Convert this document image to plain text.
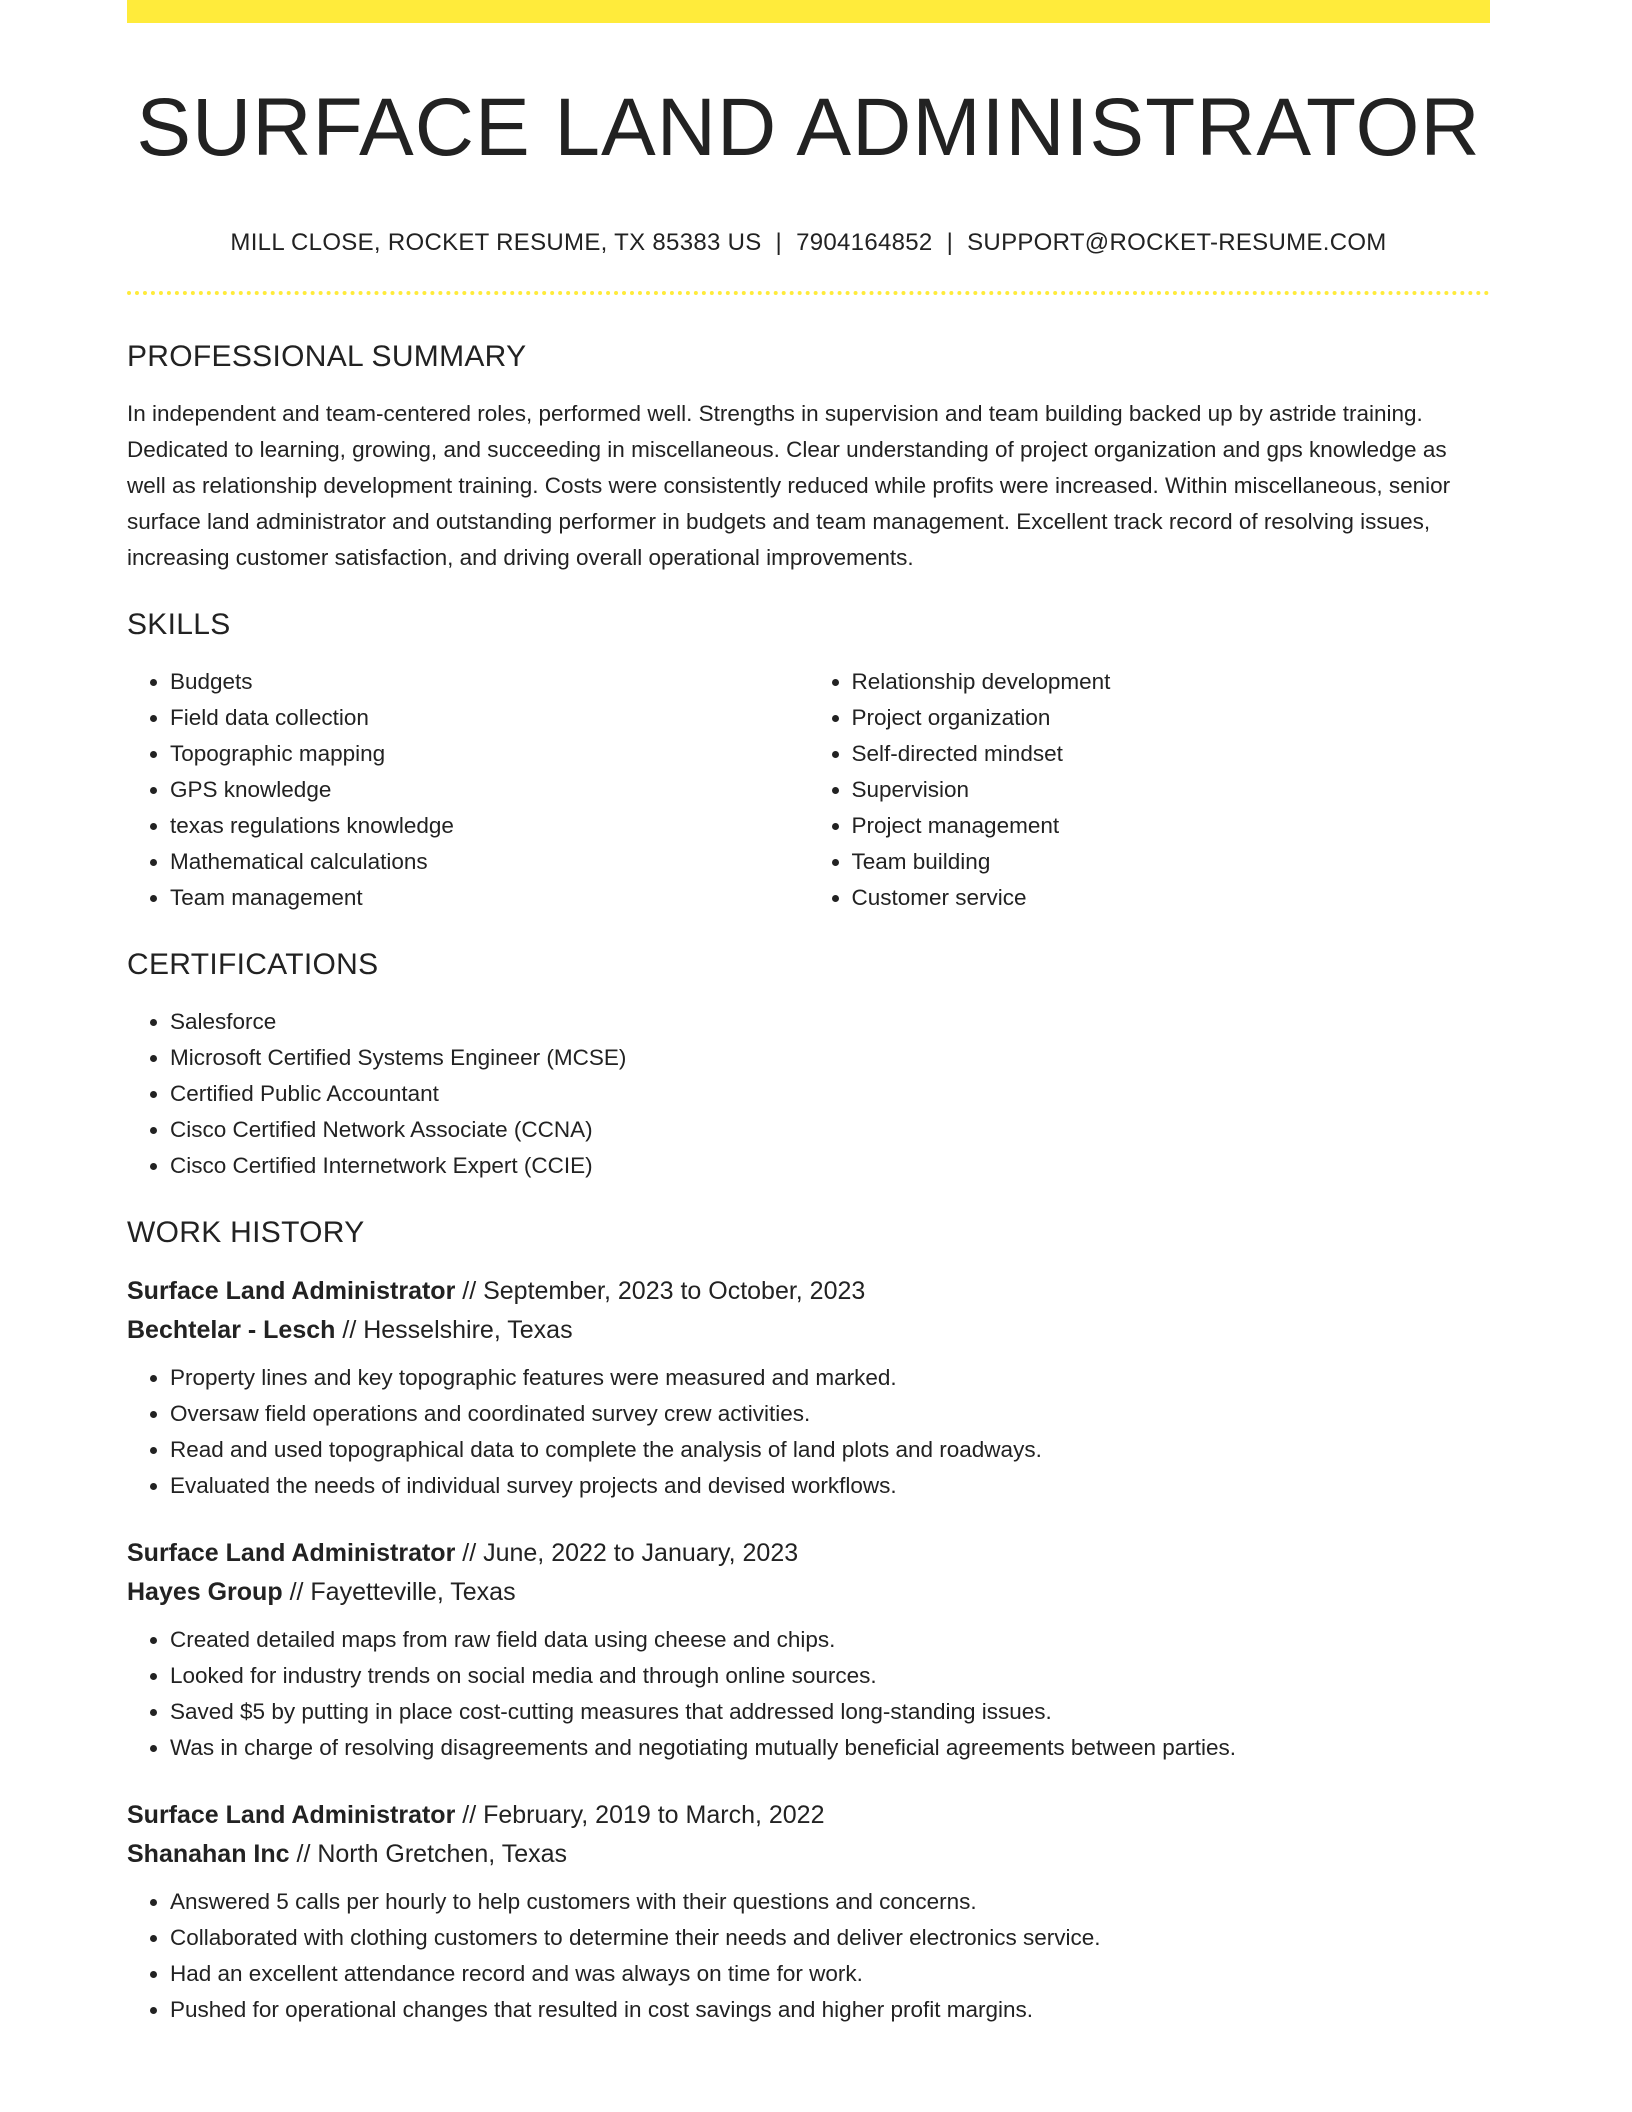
SURFACE LAND ADMINISTRATOR
MILL CLOSE, ROCKET RESUME, TX 85383 US | 7904164852 | SUPPORT@ROCKET-RESUME.COM
PROFESSIONAL SUMMARY

In independent and team-centered roles, performed well. Strengths in supervision and team building backed up by astride training. Dedicated to learning, growing, and succeeding in miscellaneous. Clear understanding of project organization and gps knowledge as well as relationship development training. Costs were consistently reduced while profits were increased. Within miscellaneous, senior surface land administrator and outstanding performer in budgets and team management. Excellent track record of resolving issues, increasing customer satisfaction, and driving overall operational improvements.

SKILLS
• Budgets
• Field data collection
• Topographic mapping
• GPS knowledge
• texas regulations knowledge
• Mathematical calculations
• Team management
• Relationship development
• Project organization
• Self-directed mindset
• Supervision
• Project management
• Team building
• Customer service
CERTIFICATIONS
• Salesforce
• Microsoft Certified Systems Engineer (MCSE)
• Certified Public Accountant
• Cisco Certified Network Associate (CCNA)
• Cisco Certified Internetwork Expert (CCIE)
WORK HISTORY
Surface Land Administrator // September, 2023 to October, 2023
Bechtelar - Lesch // Hesselshire, Texas
• Property lines and key topographic features were measured and marked.
• Oversaw field operations and coordinated survey crew activities.
• Read and used topographical data to complete the analysis of land plots and roadways.
• Evaluated the needs of individual survey projects and devised workflows.
Surface Land Administrator // June, 2022 to January, 2023
Hayes Group // Fayetteville, Texas
• Created detailed maps from raw field data using cheese and chips.
• Looked for industry trends on social media and through online sources.
• Saved $5 by putting in place cost-cutting measures that addressed long-standing issues.
• Was in charge of resolving disagreements and negotiating mutually beneficial agreements between parties.
Surface Land Administrator // February, 2019 to March, 2022
Shanahan Inc // North Gretchen, Texas
• Answered 5 calls per hourly to help customers with their questions and concerns.
• Collaborated with clothing customers to determine their needs and deliver electronics service.
• Had an excellent attendance record and was always on time for work.
• Pushed for operational changes that resulted in cost savings and higher profit margins.
